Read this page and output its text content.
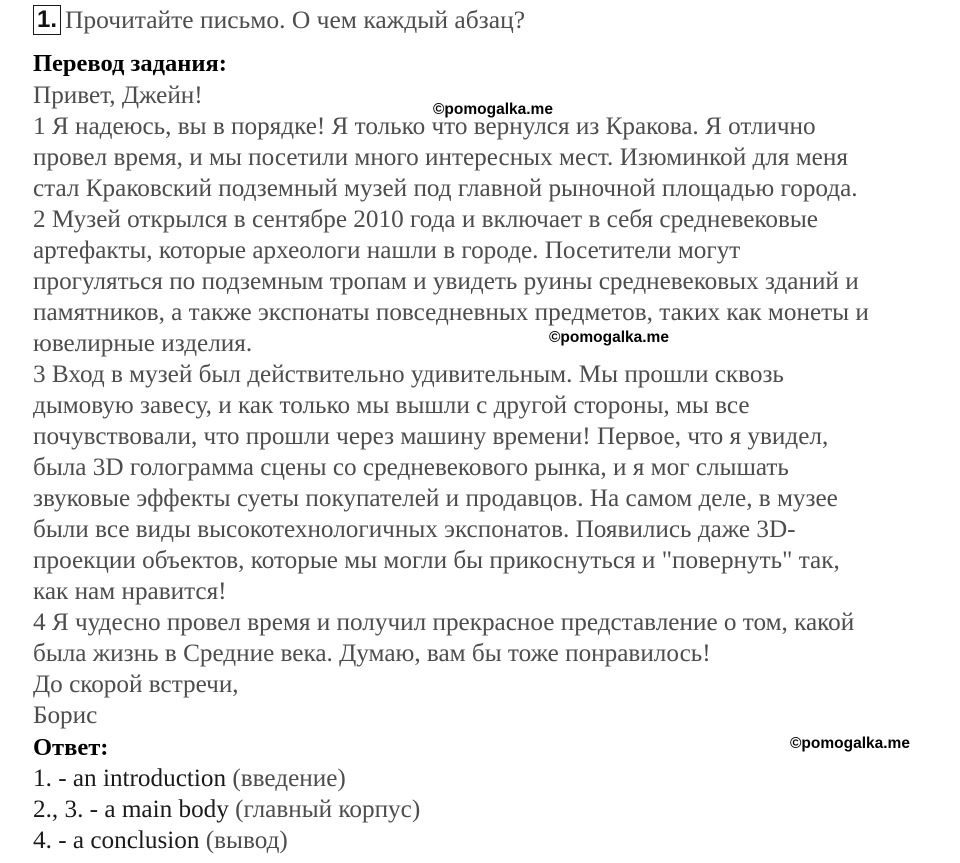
1. Прочитайте письмо. О чем каждый абзац?
Перевод задания:
Привет, Джейн!
1 Я надеюсь, вы в порядке! Я только что вернулся из Кракова. Я отлично
провел время, и мы посетили много интересных мест. Изюминкой для меня
стал Краковский подземный музей под главной рыночной площадью города.
2 Музей открылся в сентябре 2010 года и включает в себя средневековые
артефакты, которые археологи нашли в городе. Посетители могут
прогуляться по подземным тропам и увидеть руины средневековых зданий и
памятников, а также экспонаты повседневных предметов, таких как монеты и
ювелирные изделия.
3 Вход в музей был действительно удивительным. Мы прошли сквозь
дымовую завесу, и как только мы вышли с другой стороны, мы все
почувствовали, что прошли через машину времени! Первое, что я увидел,
была 3D голограмма сцены со средневекового рынка, и я мог слышать
звуковые эффекты суеты покупателей и продавцов. На самом деле, в музее
были все виды высокотехнологичных экспонатов. Появились даже 3D-
проекции объектов, которые мы могли бы прикоснуться и "повернуть" так,
как нам нравится!
4 Я чудесно провел время и получил прекрасное представление о том, какой
была жизнь в Средние века. Думаю, вам бы тоже понравилось!
До скорой встречи,
Борис
Ответ:
1. - an introduction (введение)
2., 3. - a main body (главный корпус)
4. - a conclusion (вывод)
©pomogalka.me
©pomogalka.me
©pomogalka.me
